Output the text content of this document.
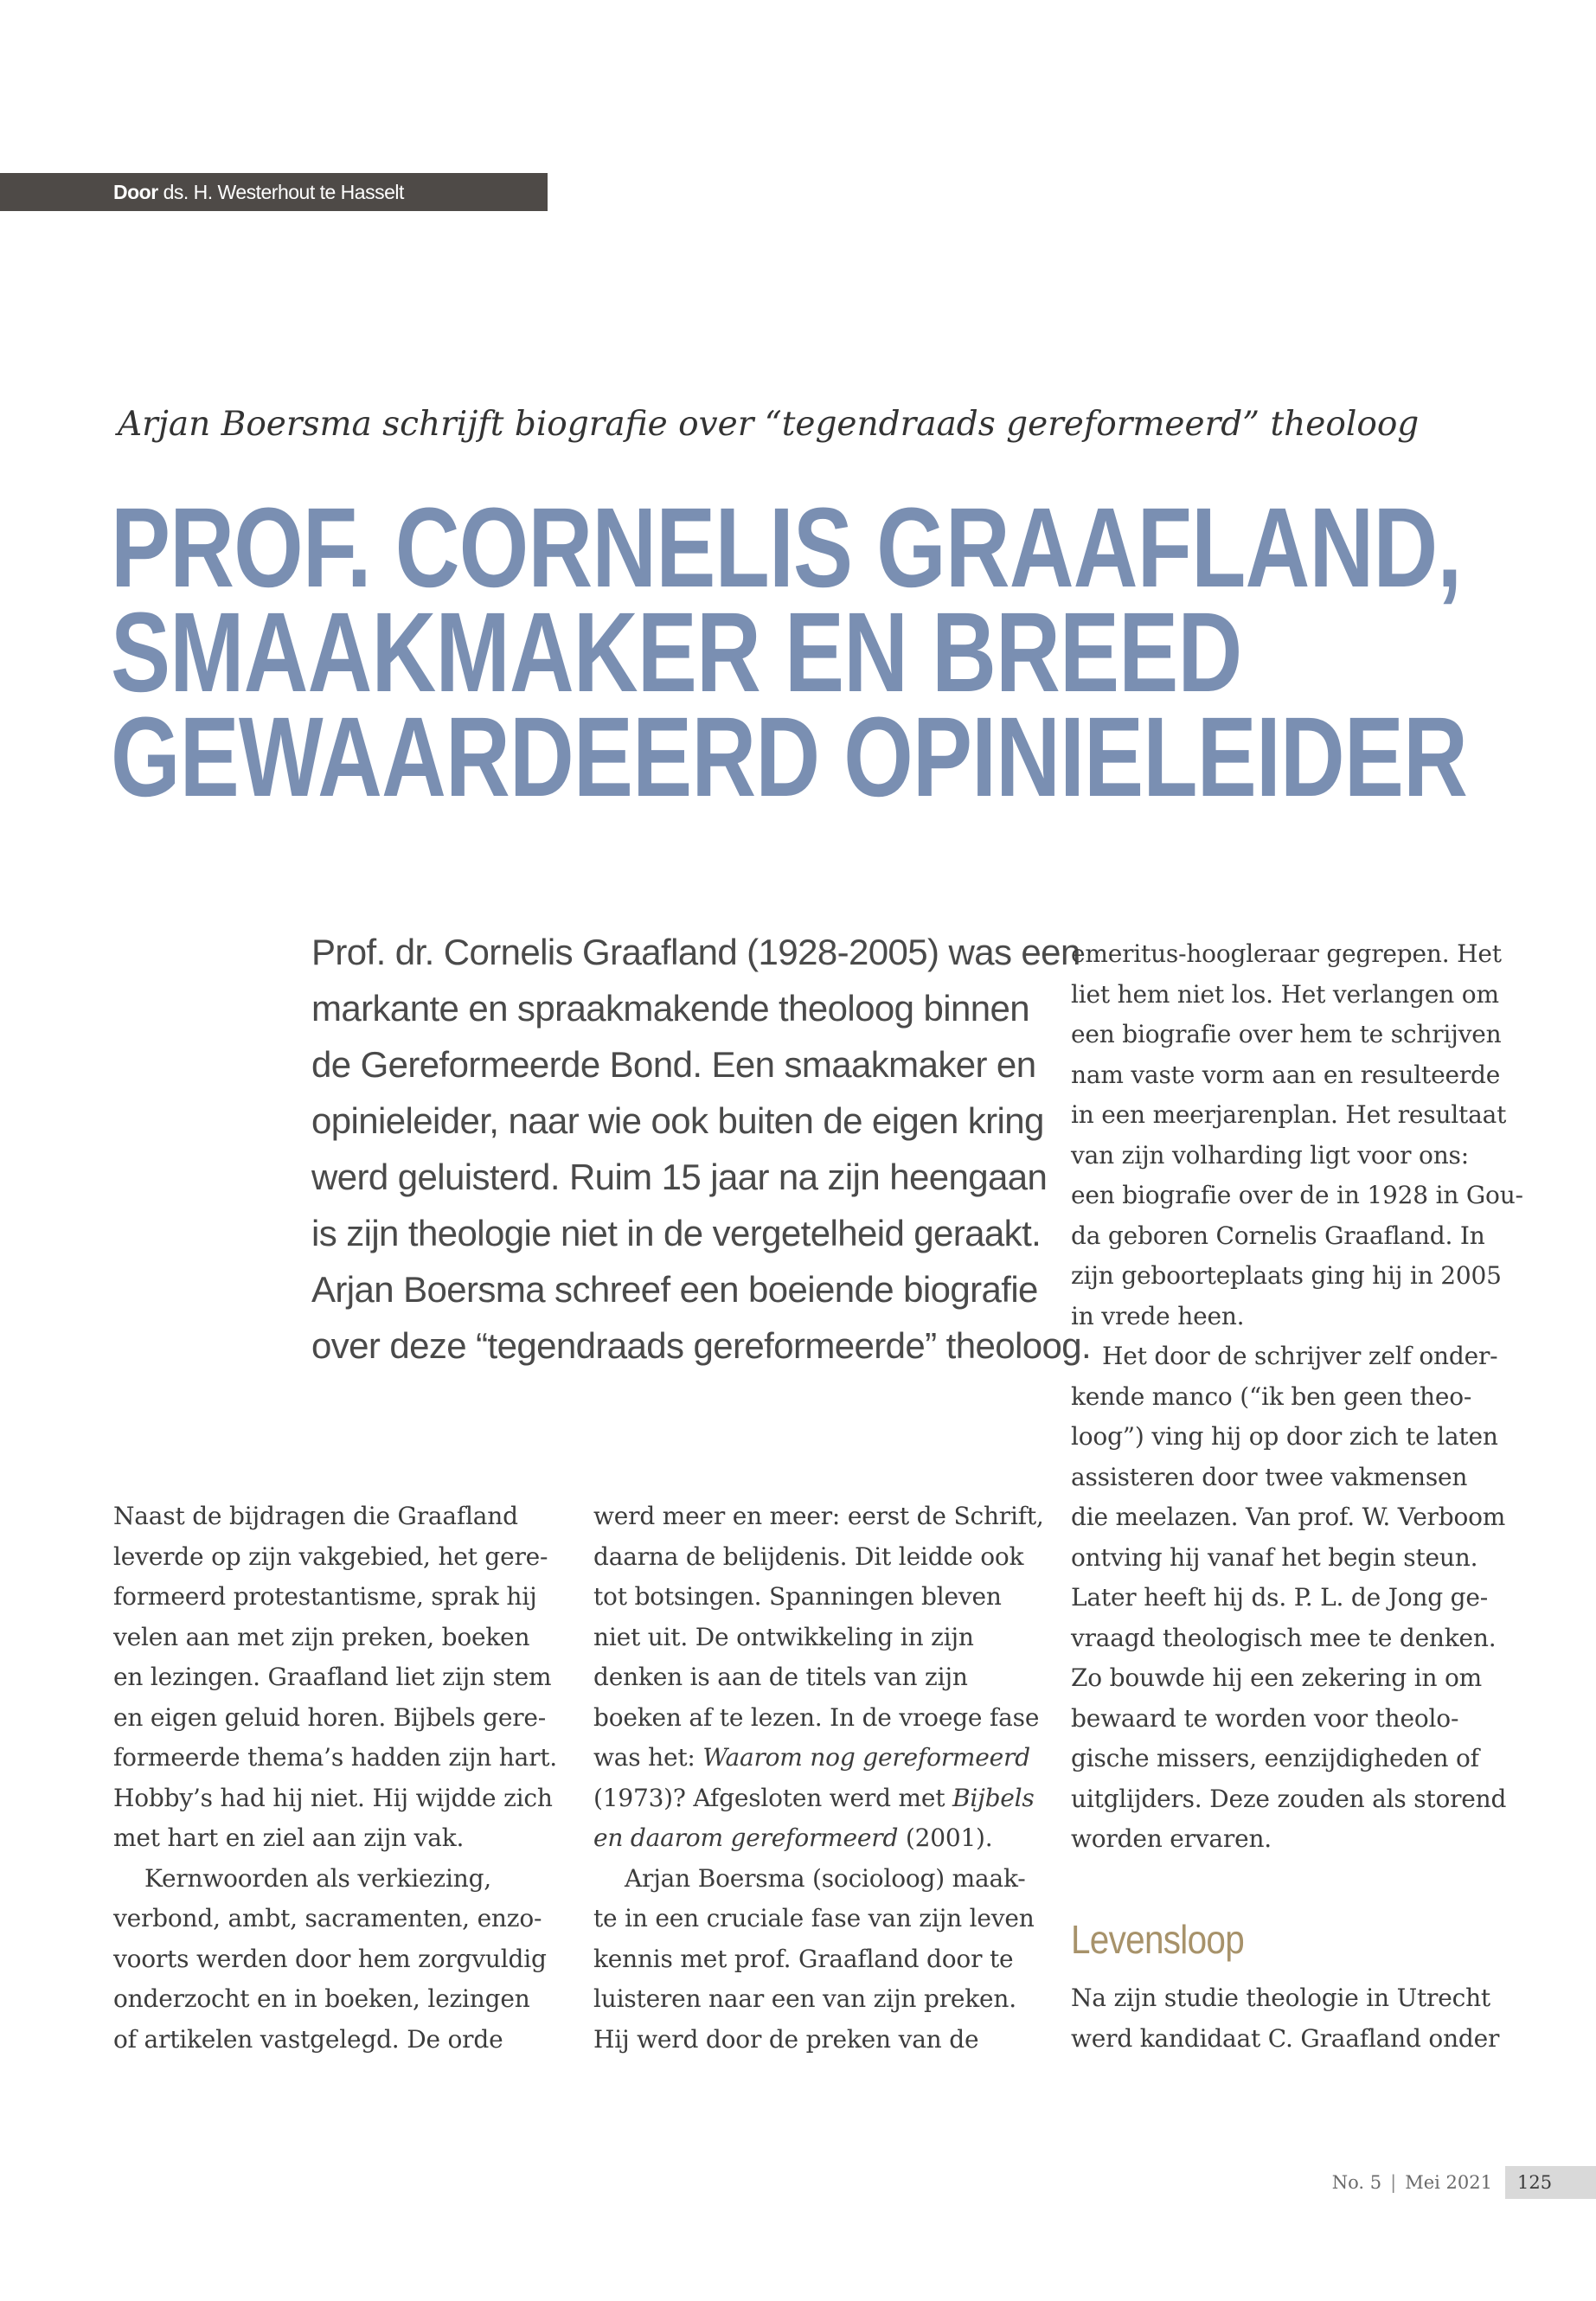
Door ds. H. Westerhout te Hasselt
Arjan Boersma schrijft biografie over “tegendraads gereformeerd” theoloog
PROF. CORNELIS GRAAFLAND,
SMAAKMAKER EN BREED
GEWAARDEERD OPINIELEIDER
Prof. dr. Cornelis Graafland (1928-2005) was een
markante en spraakmakende theoloog binnen
de Gereformeerde Bond. Een smaakmaker en
opinieleider, naar wie ook buiten de eigen kring
werd geluisterd. Ruim 15 jaar na zijn heengaan
is zijn theologie niet in de vergetelheid geraakt.
Arjan Boersma schreef een boeiende biografie
over deze “tegendraads gereformeerde” theoloog.
Naast de bijdragen die Graafland
leverde op zijn vakgebied, het gere-
formeerd protestantisme, sprak hij
velen aan met zijn preken, boeken
en lezingen. Graafland liet zijn stem
en eigen geluid horen. Bijbels gere-
formeerde thema’s hadden zijn hart.
Hobby’s had hij niet. Hij wijdde zich
met hart en ziel aan zijn vak.
Kernwoorden als verkiezing,
verbond, ambt, sacramenten, enzo-
voorts werden door hem zorgvuldig
onderzocht en in boeken, lezingen
of artikelen vastgelegd. De orde
werd meer en meer: eerst de Schrift,
daarna de belijdenis. Dit leidde ook
tot botsingen. Spanningen bleven
niet uit. De ontwikkeling in zijn
denken is aan de titels van zijn
boeken af te lezen. In de vroege fase
was het: Waarom nog gereformeerd
(1973)? Afgesloten werd met Bijbels
en daarom gereformeerd (2001).
Arjan Boersma (socioloog) maak-
te in een cruciale fase van zijn leven
kennis met prof. Graafland door te
luisteren naar een van zijn preken.
Hij werd door de preken van de
emeritus-hoogleraar gegrepen. Het
liet hem niet los. Het verlangen om
een biografie over hem te schrijven
nam vaste vorm aan en resulteerde
in een meerjarenplan. Het resultaat
van zijn volharding ligt voor ons:
een biografie over de in 1928 in Gou-
da geboren Cornelis Graafland. In
zijn geboorteplaats ging hij in 2005
in vrede heen.
Het door de schrijver zelf onder-
kende manco (“ik ben geen theo-
loog”) ving hij op door zich te laten
assisteren door twee vakmensen
die meelazen. Van prof. W. Verboom
ontving hij vanaf het begin steun.
Later heeft hij ds. P. L. de Jong ge-
vraagd theologisch mee te denken.
Zo bouwde hij een zekering in om
bewaard te worden voor theolo-
gische missers, eenzijdigheden of
uitglijders. Deze zouden als storend
worden ervaren.
Levensloop
Na zijn studie theologie in Utrecht
werd kandidaat C. Graafland onder
No. 5 | Mei 2021	125
